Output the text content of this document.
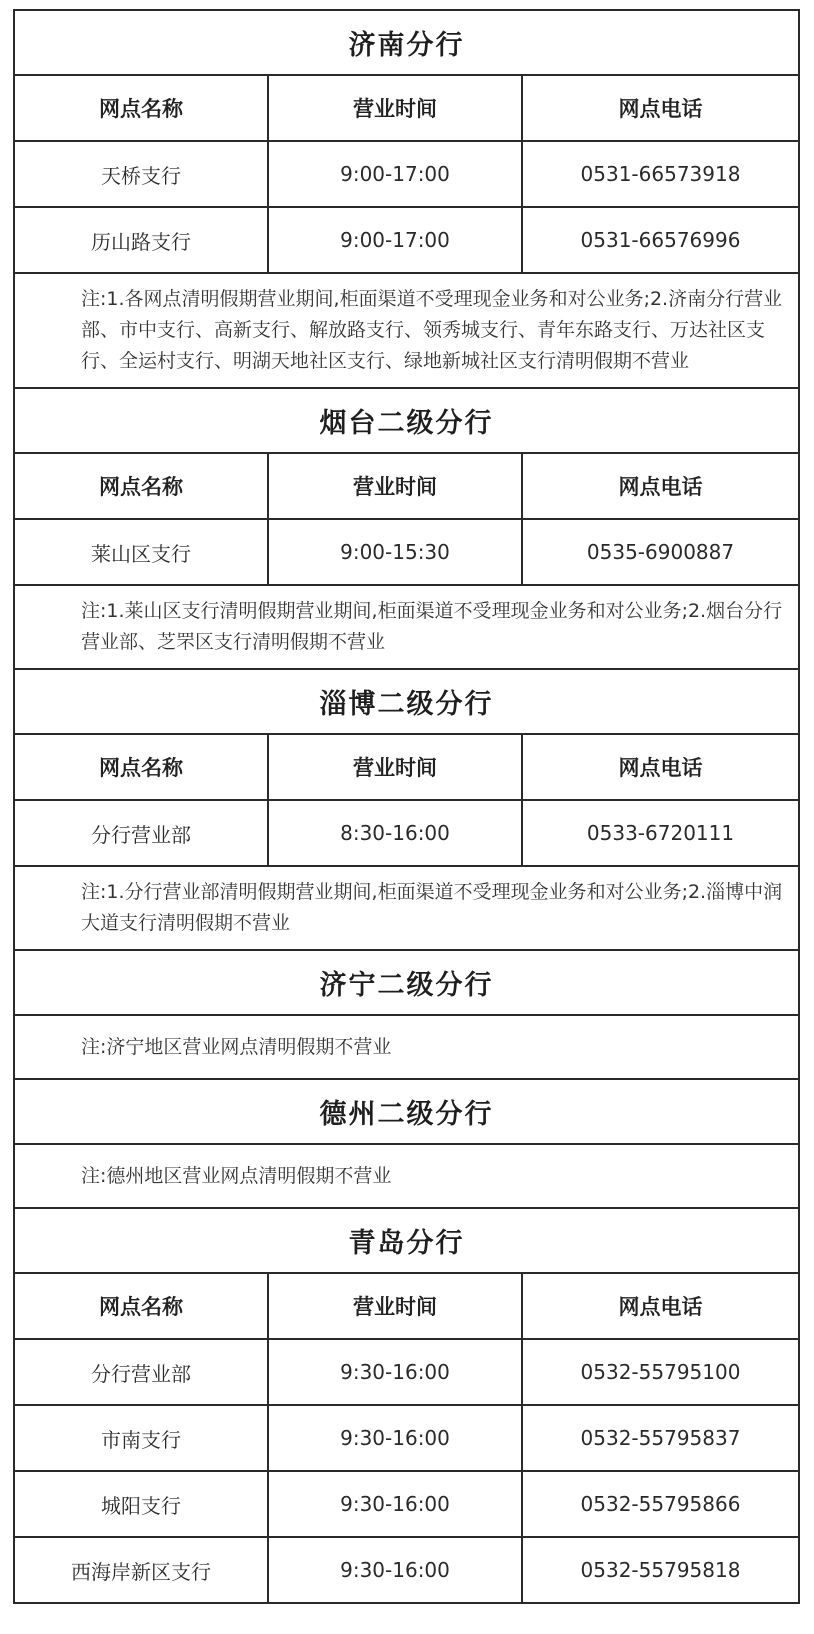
济南分行
网点名称	营业时间	网点电话
天桥支行	9:00-17:00	0531-66573918
历山路支行	9:00-17:00	0531-66576996
注:1.各网点清明假期营业期间,柜面渠道不受理现金业务和对公业务;2.济南分行营业部、市中支行、高新支行、解放路支行、领秀城支行、青年东路支行、万达社区支行、全运村支行、明湖天地社区支行、绿地新城社区支行清明假期不营业
烟台二级分行
网点名称	营业时间	网点电话
莱山区支行	9:00-15:30	0535-6900887
注:1.莱山区支行清明假期营业期间,柜面渠道不受理现金业务和对公业务;2.烟台分行营业部、芝罘区支行清明假期不营业
淄博二级分行
网点名称	营业时间	网点电话
分行营业部	8:30-16:00	0533-6720111
注:1.分行营业部清明假期营业期间,柜面渠道不受理现金业务和对公业务;2.淄博中润大道支行清明假期不营业
济宁二级分行
注:济宁地区营业网点清明假期不营业
德州二级分行
注:德州地区营业网点清明假期不营业
青岛分行
网点名称	营业时间	网点电话
分行营业部	9:30-16:00	0532-55795100
市南支行	9:30-16:00	0532-55795837
城阳支行	9:30-16:00	0532-55795866
西海岸新区支行	9:30-16:00	0532-55795818
